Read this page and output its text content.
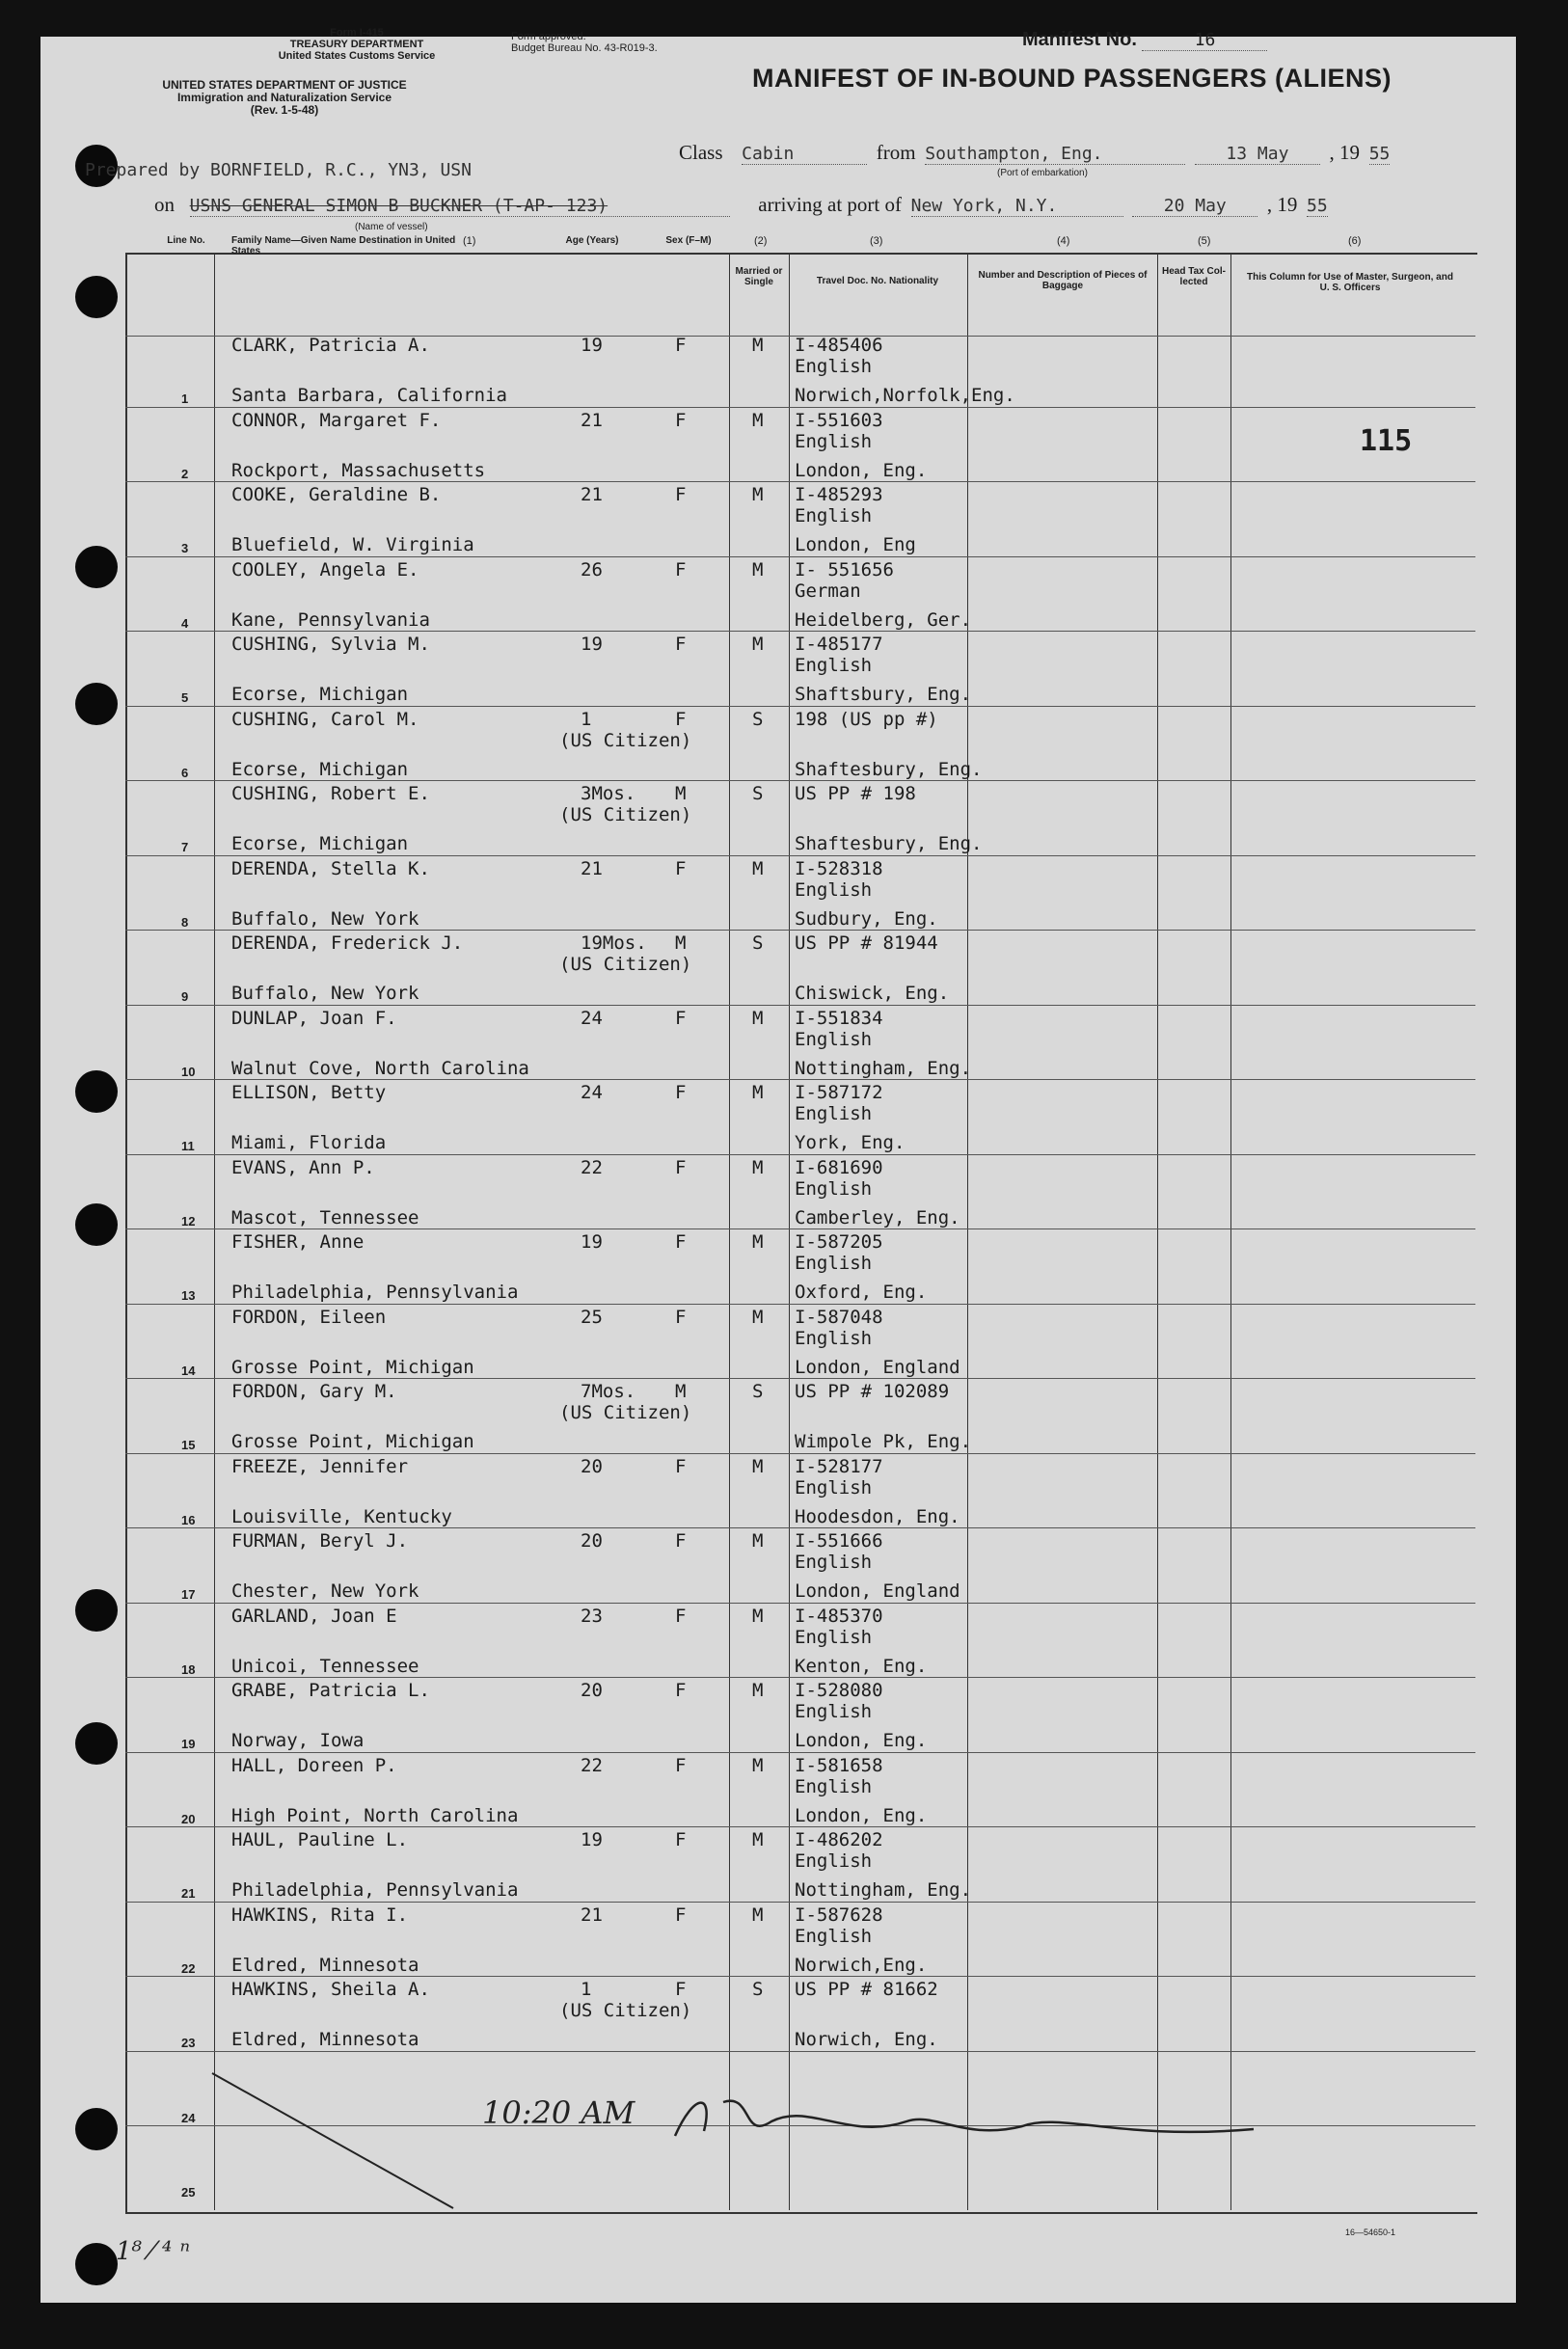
Form I-415
TREASURY DEPARTMENT
United States Customs Service
UNITED STATES DEPARTMENT OF JUSTICE
Immigration and Naturalization Service
(Rev. 1-5-48)
Form approved.
Budget Bureau No. 43-R019-3.	Manifest No.	16
MANIFEST OF IN-BOUND PASSENGERS (ALIENS)
Prepared by BORNFIELD, R.C., YN3, USN
Class Cabin	from Southampton, Eng.	13 May , 19 55
(Port of embarkation)
on USNS GENERAL SIMON B BUCKNER (T-AP- 123)	arriving at port of New York, N.Y.	20 May , 19 55
(Name of vessel)
(1)	(2)	(3)	(4)	(5)	(6)
Line No.	Family Name—Given Name Destination in United States
Age (Years)	Sex (F–M)
Married or Single	Travel Doc. No. Nationality
Number and Description of Pieces of Baggage
Head Tax Collected	This Column for Use of Master, Surgeon, and U. S. Officers
115
1
CLARK, Patricia A.	19	F	M I-485406
English
Santa Barbara, California	Norwich,Norfolk,Eng.
2
CONNOR, Margaret F.	21	F	M I-551603
English
Rockport, Massachusetts	London, Eng.
3
COOKE, Geraldine B.	21	F	M I-485293
English
Bluefield, W. Virginia	London, Eng
4
COOLEY, Angela E.	26	F	M I- 551656
German
Kane, Pennsylvania	Heidelberg, Ger.
5
CUSHING, Sylvia M.	19	F	M I-485177
English
Ecorse, Michigan	Shaftsbury, Eng.
6
CUSHING, Carol M.	1	F	S 198 (US pp #)
(US Citizen)
Ecorse, Michigan	Shaftesbury, Eng.
7
CUSHING, Robert E.	3Mos. M	S US PP # 198
(US Citizen)
Ecorse, Michigan	Shaftesbury, Eng.
8
DERENDA, Stella K.	21	F	M I-528318
English
Buffalo, New York	Sudbury, Eng.
9
DERENDA, Frederick J.	19Mos. M	S US PP # 81944
(US Citizen)
Buffalo, New York	Chiswick, Eng.
10
DUNLAP, Joan F.	24	F	M I-551834
English
Walnut Cove, North Carolina	Nottingham, Eng.
11
ELLISON, Betty	24	F	M I-587172
English
Miami, Florida	York, Eng.
12
EVANS, Ann P.	22	F	M I-681690
English
Mascot, Tennessee	Camberley, Eng.
13
FISHER, Anne	19	F	M I-587205
English
Philadelphia, Pennsylvania	Oxford, Eng.
14
FORDON, Eileen	25	F	M I-587048
English
Grosse Point, Michigan	London, England
15
FORDON, Gary M.	7Mos. M	S US PP # 102089
(US Citizen)
Grosse Point, Michigan	Wimpole Pk, Eng.
16
FREEZE, Jennifer	20	F	M I-528177
English
Louisville, Kentucky	Hoodesdon, Eng.
17
FURMAN, Beryl J.	20	F	M I-551666
English
Chester, New York	London, England
18
GARLAND, Joan E	23	F	M I-485370
English
Unicoi, Tennessee	Kenton, Eng.
19
GRABE, Patricia L.	20	F	M I-528080
English
Norway, Iowa	London, Eng.
20
HALL, Doreen P.	22	F	M I-581658
English
High Point, North Carolina	London, Eng.
21
HAUL, Pauline L.	19	F	M I-486202
English
Philadelphia, Pennsylvania	Nottingham, Eng.
22
HAWKINS, Rita I.	21	F	M I-587628
English
Eldred, Minnesota	Norwich,Eng.
23
HAWKINS, Sheila A.	1	F	S US PP # 81662
(US Citizen)
Eldred, Minnesota	Norwich, Eng.
24
25
10:20 AM
1⁸ ⁄ ⁴ ⁿ
16—54650-1
